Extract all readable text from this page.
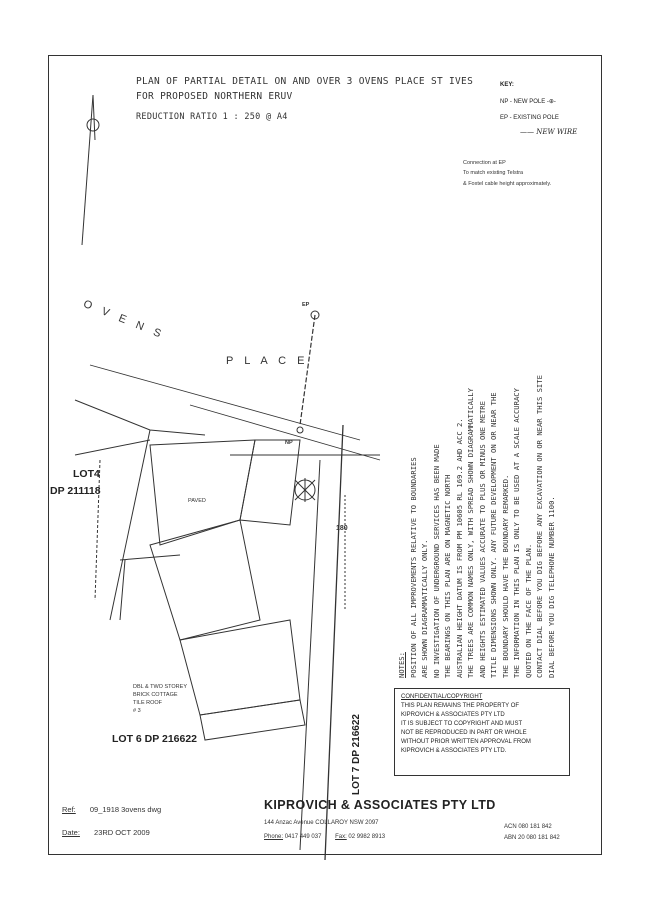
PLAN OF PARTIAL DETAIL ON AND OVER 3 OVENS PLACE ST IVES
FOR PROPOSED NORTHERN ERUV
REDUCTION RATIO 1 : 250 @ A4
KEY:
NP - NEW POLE -⊕-
EP - EXISTING POLE
—— NEW WIRE
Connection at EP
To match existing Telstra
& Foxtel cable height approximately.
O V E N S
P L A C E
EP
NP
LOT4
DP 211118
PAVED
180
LOT 6 DP 216622	LOT 7 DP 216622
DBL & TWO STOREY
BRICK COTTAGE
TILE ROOF
# 3
NOTES: POSITION OF ALL IMPROVEMENTS RELATIVE TO BOUNDARIES ARE SHOWN DIAGRAMMATICALLY ONLY. NO INVESTIGATION OF UNDERGROUND SERVICES HAS BEEN MADE THE BEARINGS ON THIS PLAN ARE ON MAGNETIC NORTH AUSTRALIAN HEIGHT DATUM IS FROM PM 10605 RL 169.2 AHD ACC 2. THE TREES ARE COMMON NAMES ONLY, WITH SPREAD SHOWN DIAGRAMMATICALLY AND HEIGHTS ESTIMATED VALUES ACCURATE TO PLUS OR MINUS ONE METRE TITLE DIMENSIONS SHOWN ONLY. ANY FUTURE DEVELOPMENT ON OR NEAR THE THE BOUNDARY SHOULD HAVE THE BOUNDARY REMARKED. THE INFORMATION IN THIS PLAN IS ONLY TO BE USED AT A SCALE ACCURACY QUOTED ON THE FACE OF THE PLAN. CONTACT DIAL BEFORE YOU DIG BEFORE ANY EXCAVATION ON OR NEAR THIS SITE DIAL BEFORE YOU DIG TELEPHONE NUMBER 1100.
CONFIDENTIAL/COPYRIGHT
THIS PLAN REMAINS THE PROPERTY OF
KIPROVICH & ASSOCIATES PTY LTD
IT IS SUBJECT TO COPYRIGHT AND MUST
NOT BE REPRODUCED IN PART OR WHOLE
WITHOUT PRIOR WRITTEN APPROVAL FROM
KIPROVICH & ASSOCIATES PTY LTD.
Ref: 09_1918 3ovens dwg
Date: 23RD OCT 2009
KIPROVICH & ASSOCIATES PTY LTD
144 Anzac Avenue COLLAROY NSW 2097
Phone: 0417 449 037 Fax: 02 9982 8913
ACN 080 181 842
ABN 20 080 181 842
